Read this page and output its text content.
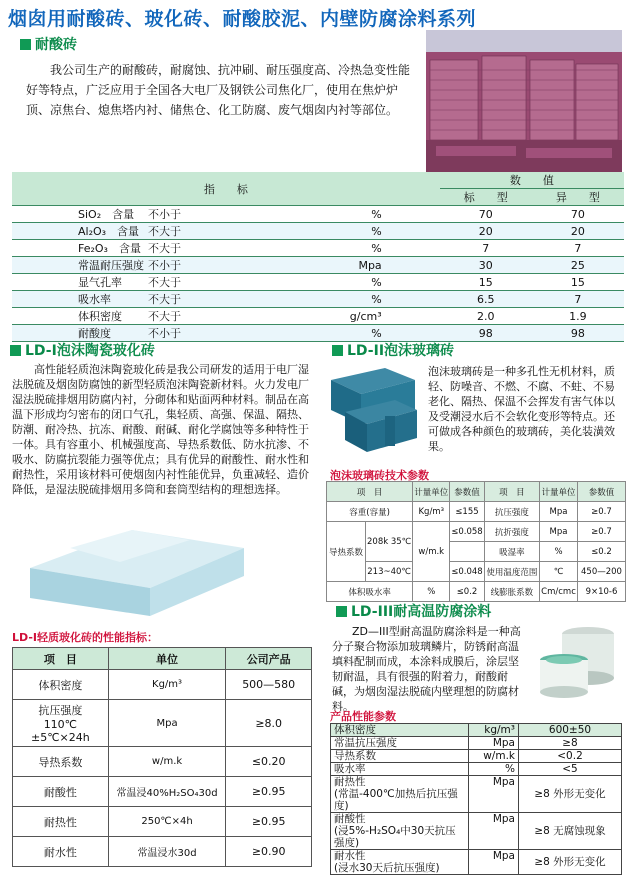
烟囱用耐酸砖、玻化砖、耐酸胶泥、内壁防腐涂料系列
耐酸砖
我公司生产的耐酸砖，耐腐蚀、抗冲刷、耐压强度高、冷热急变性能好等特点，广泛应用于全国各大电厂及钢铁公司焦化厂，使用在焦炉炉顶、凉焦台、熄焦塔内衬、储焦仓、化工防腐、废气烟囱内衬等部位。
指　　标			数　　值	
			标　　型	异　　型
SiO₂　含量	不小于	%	70	70
Al₂O₃　含量	不大于	%	20	20
Fe₂O₃　含量	不大于	%	7	7
常温耐压强度	不小于	Mpa	30	25
显气孔率	不大于	%	15	15
吸水率	不大于	%	6.5	7
体积密度	不大于	g/cm³	2.0	1.9
耐酸度	不小于	%	98	98
LD-I泡沫陶瓷玻化砖
高性能轻质泡沫陶瓷玻化砖是我公司研发的适用于电厂湿法脱硫及烟囱防腐蚀的新型轻质泡沫陶瓷新材料。火力发电厂湿法脱硫排烟用防腐内衬，分砌体和贴面两种材料。制品在高温下形成均匀密布的闭口气孔，集轻质、高强、保温、隔热、防潮、耐冷热、抗冻、耐酸、耐碱、耐化学腐蚀等多种特性于一体。具有容重小、机械强度高、导热系数低、防水抗渗、不吸水、防腐抗裂能力强等优点；具有优异的耐酸性、耐水性和耐热性，采用该材料可使烟囱内衬性能优异，负重减轻、造价降低，是湿法脱硫排烟用多筒和套筒型结构的理想选择。
LD-I轻质玻化砖的性能指标：
项　目	单位	公司产品
体积密度	Kg/m³	500—580
抗压强度
110℃±5℃×24h	Mpa	≥8.0
导热系数	w/m.k	≤0.20
耐酸性	常温浸40%H₂SO₄30d	≥0.95
耐热性	250℃×4h	≥0.95
耐水性	常温浸水30d	≥0.90
LD-II泡沫玻璃砖
泡沫玻璃砖是一种多孔性无机材料，质轻、防噪音、不燃、不腐、不蛀、不易老化、隔热、保温不会挥发有害气体以及受潮浸水后不会软化变形等特点。还可做成各种颜色的玻璃砖，美化装潢效果。
泡沫玻璃砖技术参数
项　目		计量单位	参数值	项　目	计量单位	参数值
容重(容量)		Kg/m³	≤155	抗压强度	Mpa	≥0.7
导热系数	208k 35℃	w/m.k	≤0.058	抗折强度	Mpa	≥0.7
				吸湿率	%	≤0.2
	213~40℃		≤0.048	使用温度范围	℃	450—200
体积吸水率		%	≤0.2	线膨胀系数	Cm/cmc	9×10-6
LD-III耐高温防腐涂料
ZD—III型耐高温防腐涂料是一种高分子聚合物添加玻璃鳞片，防锈耐高温填料配制而成，本涂料成膜后，涂层坚韧耐温，具有很强的附着力，耐酸耐碱，为烟囱湿法脱硫内壁理想的防腐材料。
产品性能参数
体积密度	kg/m³	600±50
常温抗压强度	Mpa	≥8
导热系数	w/m.k	<0.2
吸水率	%	<5
耐热性
(常温-400℃加热后抗压强度)	Mpa	≥8 外形无变化
耐酸性
(浸5%-H₂SO₄中30天抗压强度)	Mpa	≥8 无腐蚀现象
耐水性
(浸水30天后抗压强度)	Mpa	≥8 外形无变化
